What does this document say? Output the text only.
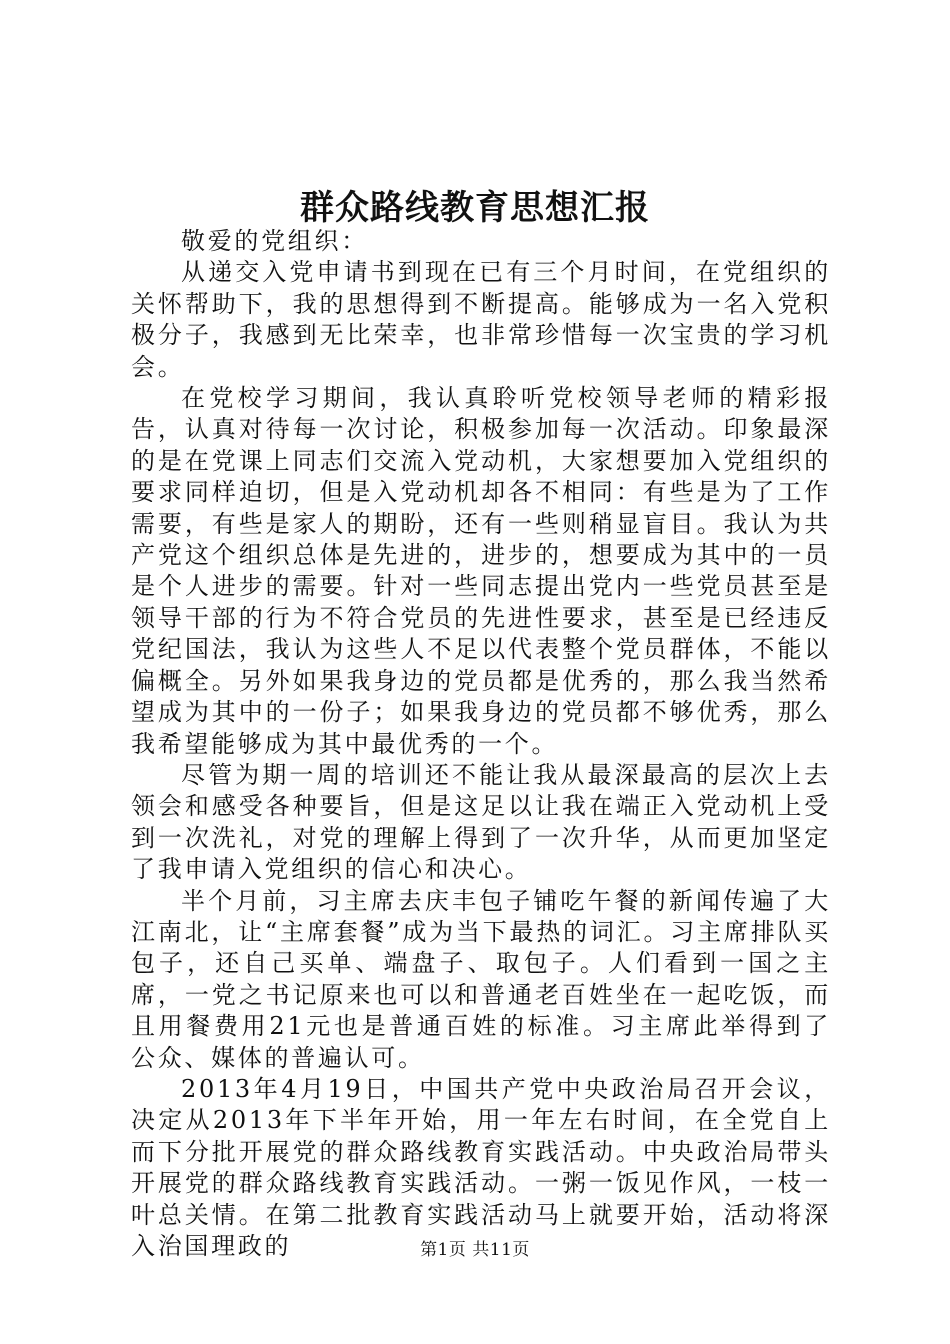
群众路线教育思想汇报

敬爱的党组织：

从递交入党申请书到现在已有三个月时间，在党组织的关怀帮助下，我的思想得到不断提高。能够成为一名入党积极分子，我感到无比荣幸，也非常珍惜每一次宝贵的学习机会。

在党校学习期间，我认真聆听党校领导老师的精彩报告，认真对待每一次讨论，积极参加每一次活动。印象最深的是在党课上同志们交流入党动机，大家想要加入党组织的要求同样迫切，但是入党动机却各不相同：有些是为了工作需要，有些是家人的期盼，还有一些则稍显盲目。我认为共产党这个组织总体是先进的，进步的，想要成为其中的一员是个人进步的需要。针对一些同志提出党内一些党员甚至是领导干部的行为不符合党员的先进性要求，甚至是已经违反党纪国法，我认为这些人不足以代表整个党员群体，不能以偏概全。另外如果我身边的党员都是优秀的，那么我当然希望成为其中的一份子；如果我身边的党员都不够优秀，那么我希望能够成为其中最优秀的一个。

尽管为期一周的培训还不能让我从最深最高的层次上去领会和感受各种要旨，但是这足以让我在端正入党动机上受到一次洗礼，对党的理解上得到了一次升华，从而更加坚定了我申请入党组织的信心和决心。

半个月前，习主席去庆丰包子铺吃午餐的新闻传遍了大江南北，让“主席套餐”成为当下最热的词汇。习主席排队买包子，还自己买单、端盘子、取包子。人们看到一国之主席，一党之书记原来也可以和普通老百姓坐在一起吃饭，而且用餐费用21元也是普通百姓的标准。习主席此举得到了公众、媒体的普遍认可。

2013年4月19日，中国共产党中央政治局召开会议，决定从2013年下半年开始，用一年左右时间，在全党自上而下分批开展党的群众路线教育实践活动。中央政治局带头开展党的群众路线教育实践活动。一粥一饭见作风，一枝一叶总关情。在第二批教育实践活动马上就要开始，活动将深入治国理政的	第1页 共11页
